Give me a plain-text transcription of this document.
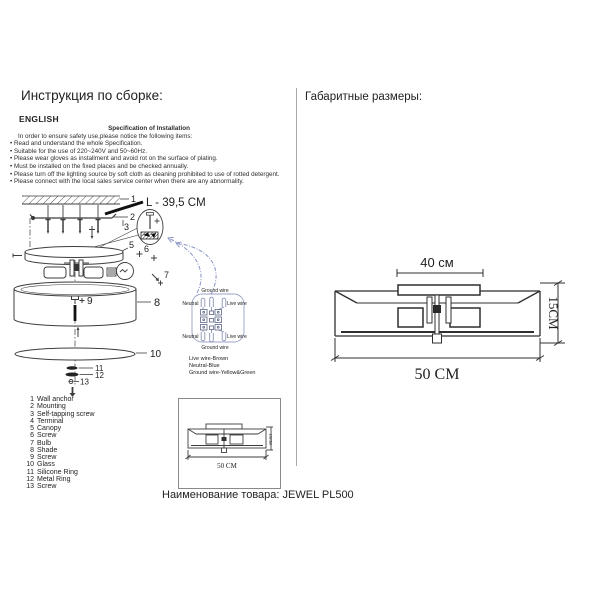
Инструкция по сборке:
ENGLISH
Specification of Installation
In order to ensure safety use,please notice the following items:
• Read and understand the whole Specification.
• Suitable for the use of 220~240V and 50~60Hz.
• Please wear gloves as installment and avoid rot on the surface of plating.
• Must be installed on the fixed places and be checked annually.
• Please turn off the lighting source by soft cloth as cleaning prohibited to use of rotted detergent.
• Please connect with the local sales service center when there are any abnormality.
Габаритные размеры:
1 L - 39,5 CM
2
3
6
5
7
8
9
10
11
12
13
Ground wire
Neutral	Live wire
Neutral	Live wire
Ground wire
Live wire-Brown
Neutral-Blue
Ground wire-Yellow&Green
1 Wall anchor
2 Mounting
3 Self-tapping screw
4 Terminal
5 Canopy
6 Screw
7 Bulb
8 Shade
9 Screw
10 Glass
11 Silicone Ring
12 Metal Ring
13 Screw
50 CM
15CM
40 см
15CM
50 CM
Наименование товара: JEWEL PL500
